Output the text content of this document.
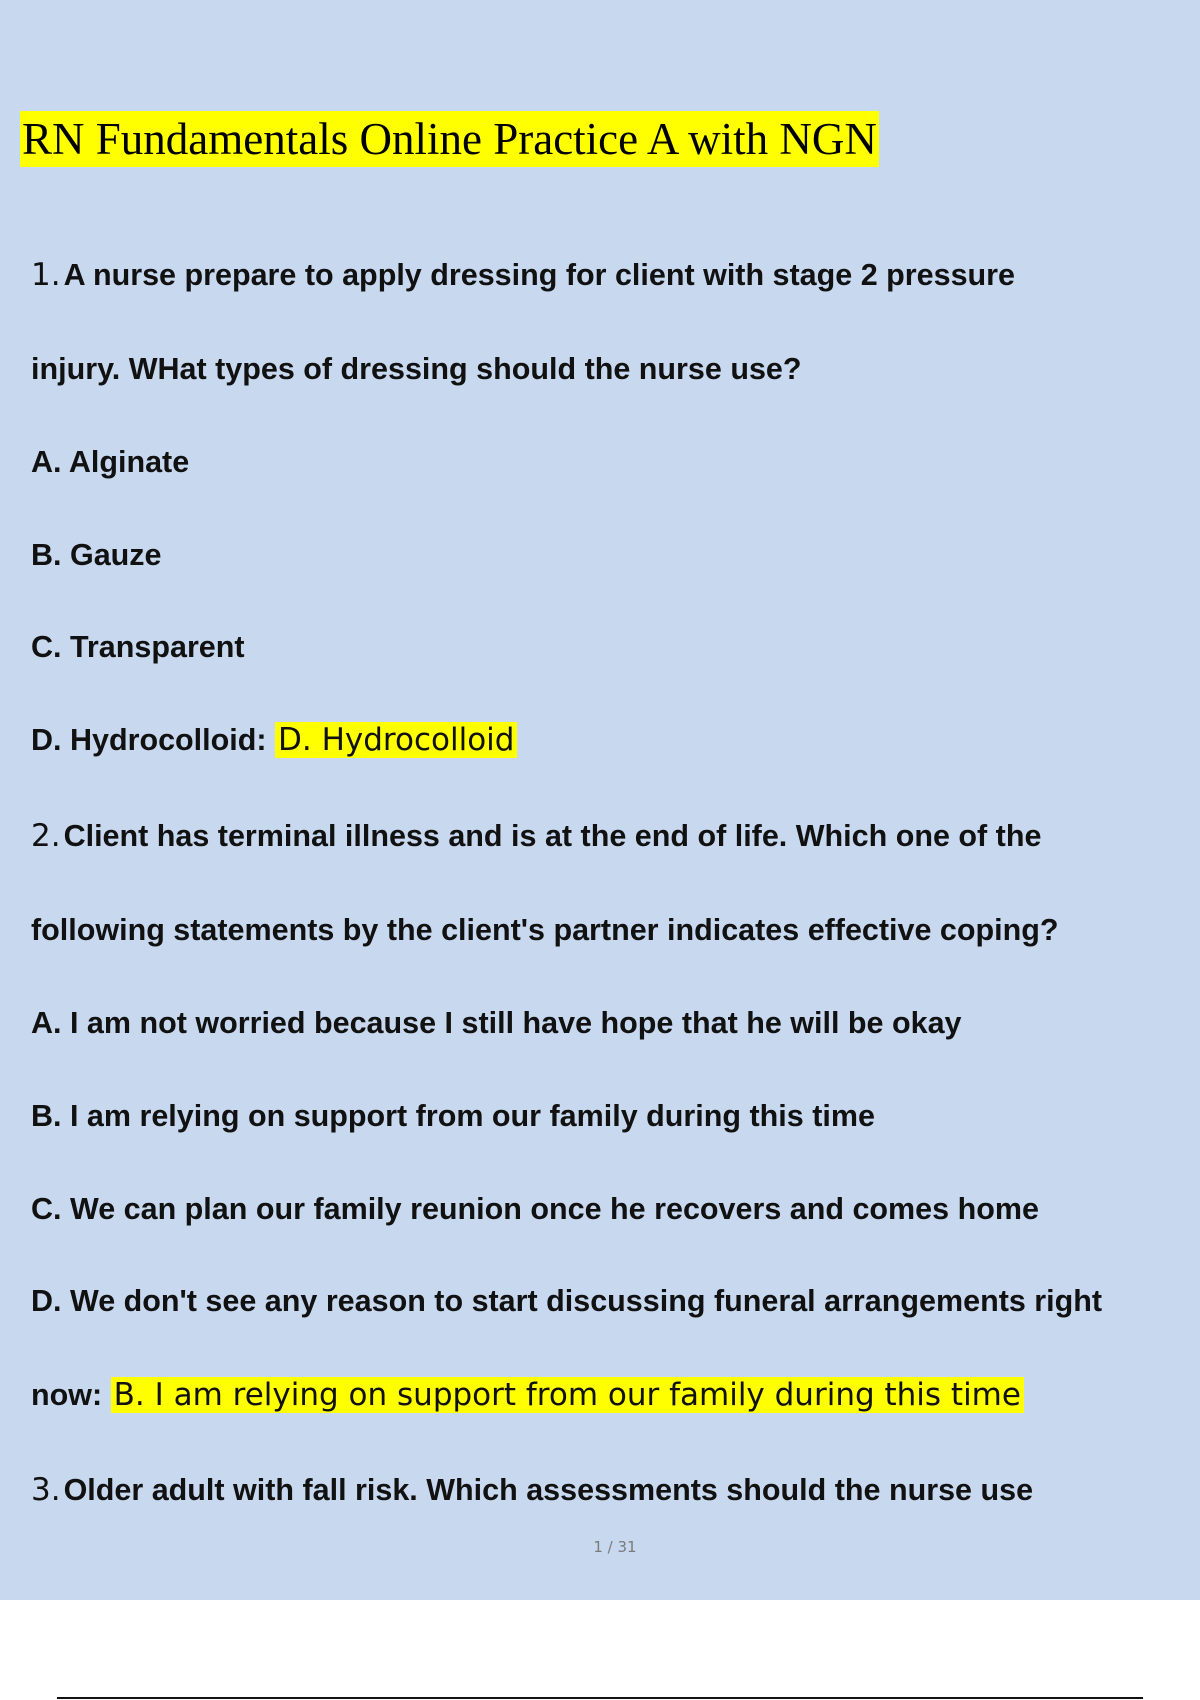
RN Fundamentals Online Practice A with NGN
1.A nurse prepare to apply dressing for client with stage 2 pressure
injury. WHat types of dressing should the nurse use?
A. Alginate
B. Gauze
C. Transparent
D. Hydrocolloid: D. Hydrocolloid
2.Client has terminal illness and is at the end of life. Which one of the
following statements by the client's partner indicates effective coping?
A. I am not worried because I still have hope that he will be okay
B. I am relying on support from our family during this time
C. We can plan our family reunion once he recovers and comes home
D. We don't see any reason to start discussing funeral arrangements right
now: B. I am relying on support from our family during this time
3.Older adult with fall risk. Which assessments should the nurse use
1 / 31
